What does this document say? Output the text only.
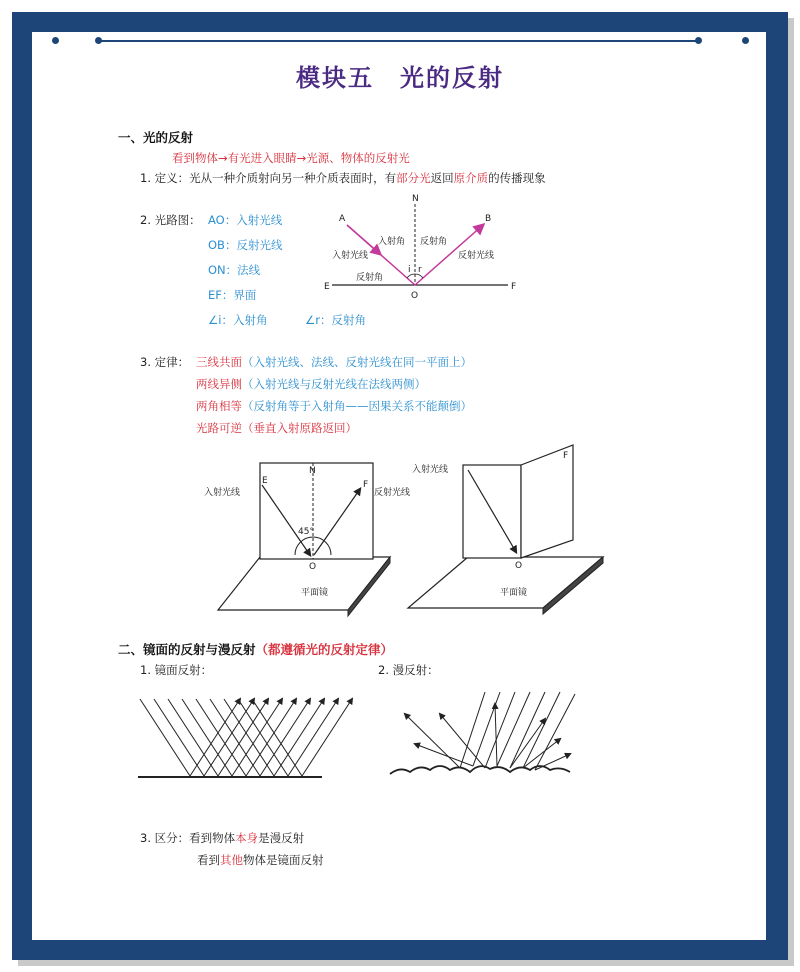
模块五　光的反射
一、光的反射
看到物体→有光进入眼睛→光源、物体的反射光
1. 定义：光从一种介质射向另一种介质表面时，有部分光返回原介质的传播现象
2. 光路图： AO：入射光线
OB：反射光线
ON：法线
EF：界面
∠i：入射角	∠r：反射角
A	B
N
E	F
O
i r
入射光线	反射光线
入射角 反射角
反射角
3. 定律： 三线共面（入射光线、法线、反射光线在同一平面上）
两线异侧（入射光线与反射光线在法线两侧）
两角相等（反射角等于入射角——因果关系不能颠倒）
光路可逆（垂直入射原路返回）
E	F
N
O
45°
入射光线	反射光线
平面镜
F
O
入射光线
平面镜
二、镜面的反射与漫反射（都遵循光的反射定律）
1. 镜面反射：	2. 漫反射：
3. 区分：看到物体本身是漫反射
看到其他物体是镜面反射
